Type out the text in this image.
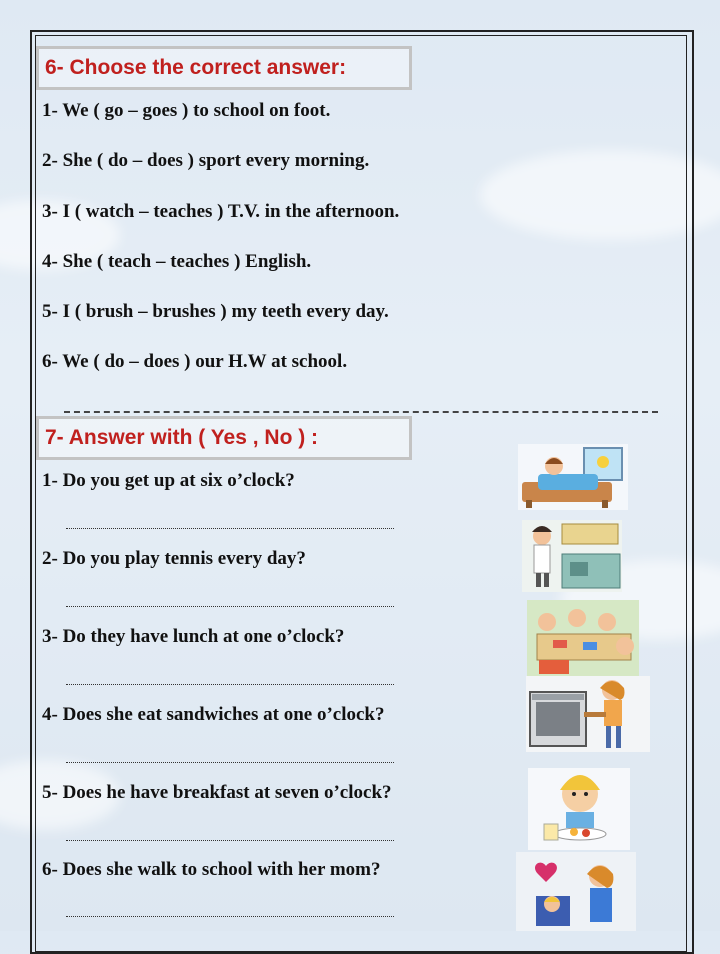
6- Choose the correct answer:
1- We ( go – goes ) to school on foot.
2- She ( do – does ) sport every morning.
3- I ( watch – teaches ) T.V. in the afternoon.
4- She ( teach – teaches ) English.
5- I ( brush – brushes ) my teeth every day.
6- We ( do – does ) our H.W at school.
7- Answer with ( Yes , No ) :
1- Do you get up at six o’clock?
2- Do you play tennis every day?
3- Do they have lunch at one o’clock?
4- Does she eat sandwiches at one o’clock?
5- Does he have breakfast at seven o’clock?
6- Does she walk to school with her mom?
